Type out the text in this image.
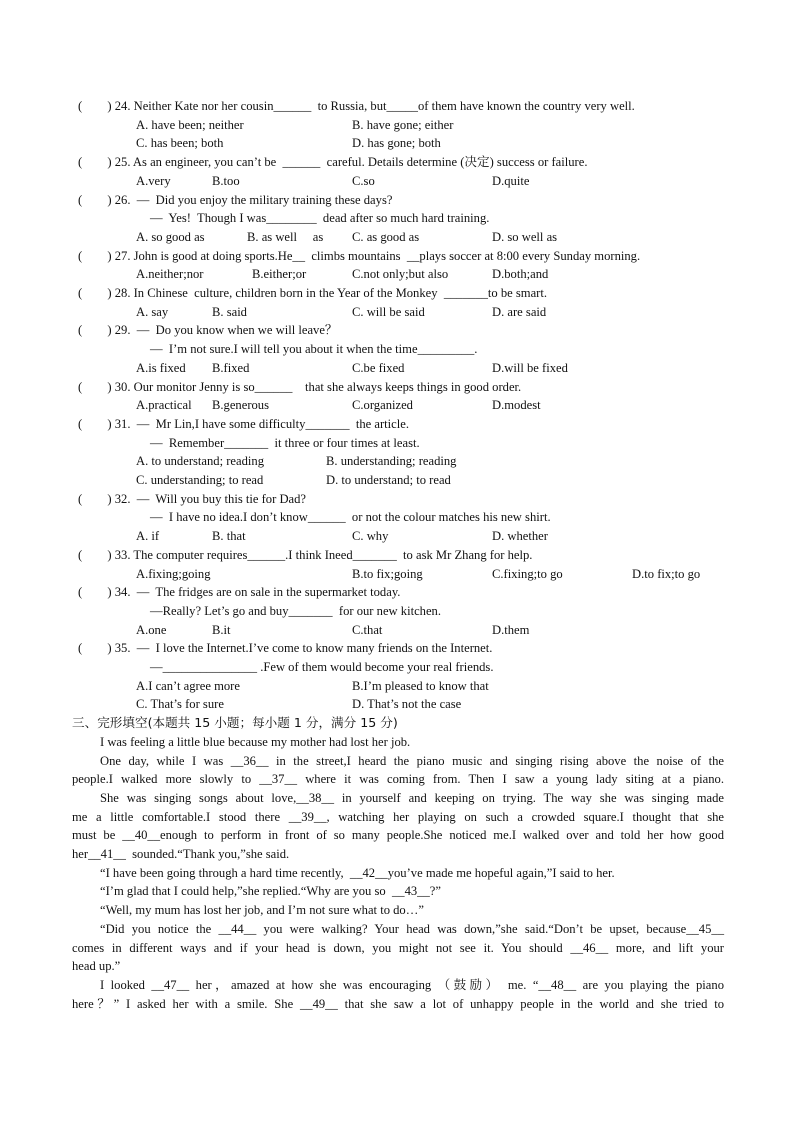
(        ) 24. Neither Kate nor her cousin______  to Russia, but_____of them have known the country very well.
A. have been; neither	B. have gone; either
C. has been; both	D. has gone; both
(        ) 25. As an engineer, you can’t be  ______  careful. Details determine (决定) success or failure.
A.very	B.too	C.so	D.quite
(        ) 26.  —  Did you enjoy the military training these days?
—  Yes!  Though I was________  dead after so much hard training.
A. so good as	B. as well     as C. as good as	D. so well as
(        ) 27. John is good at doing sports.He__  climbs mountains  __plays soccer at 8:00 every Sunday morning.
A.neither;nor	B.either;or	C.not only;but also	D.both;and
(        ) 28. In Chinese  culture, children born in the Year of the Monkey  _______to be smart.
A. say	B. said	C. will be said	D. are said
(        ) 29.  —  Do you know when we will leave？
—  I’m not sure.I will tell you about it when the time_________.
A.is fixed B.fixed	C.be fixed	D.will be fixed
(        ) 30. Our monitor Jenny is so______    that she always keeps things in good order.
A.practical B.generous	C.organized	D.modest
(        ) 31.  —  Mr Lin,I have some difficulty_______  the article.
—  Remember_______  it three or four times at least.
A. to understand; reading	B. understanding; reading
C. understanding; to read	D. to understand; to read
(        ) 32.  —  Will you buy this tie for Dad?
—  I have no idea.I don’t know______  or not the colour matches his new shirt.
A. if	B. that	C. why	D. whether
(        ) 33. The computer requires______.I think Ineed_______  to ask Mr Zhang for help.
A.fixing;going	B.to fix;going	C.fixing;to go	D.to fix;to go
(        ) 34.  —  The fridges are on sale in the supermarket today.
—Really? Let’s go and buy_______  for our new kitchen.
A.one	B.it	C.that	D.them
(        ) 35.  —  I love the Internet.I’ve come to know many friends on the Internet.
—_______________ .Few of them would become your real friends.
A.I can’t agree more	B.I’m pleased to know that
C. That’s for sure	D. That’s not the case
三、完形填空(本题共 15 小题；每小题 1 分，满分 15 分)
I was feeling a little blue because my mother had lost her job.
One day, while I was __36__ in the street,I heard the piano music and singing rising above the noise of the
people.I walked more slowly to __37__ where it was coming from. Then I saw a young lady siting at a piano.
She was singing songs about love,__38__ in yourself and keeping on trying. The way she was singing made
me a little comfortable.I stood there __39__, watching her playing on such a crowded square.I thought that she
must be __40__enough to perform in front of so many people.She noticed me.I walked over and told her how good
her__41__  sounded.“Thank you,”she said.
“I have been going through a hard time recently,  __42__you’ve made me hopeful again,”I said to her.
“I’m glad that I could help,”she replied.“Why are you so  __43__?”
“Well, my mum has lost her job, and I’m not sure what to do…”
“Did you notice the __44__ you were walking? Your head was down,”she said.“Don’t be upset, because__45__
comes in different ways and if your head is down, you might not see it. You should __46__ more, and lift your
head up.”
I looked __47__ her，amazed at how she was encouraging （鼓励） me. “__48__ are you playing the piano
here？” I asked her with a smile. She __49__ that she saw a lot of unhappy people in the world and she tried to
